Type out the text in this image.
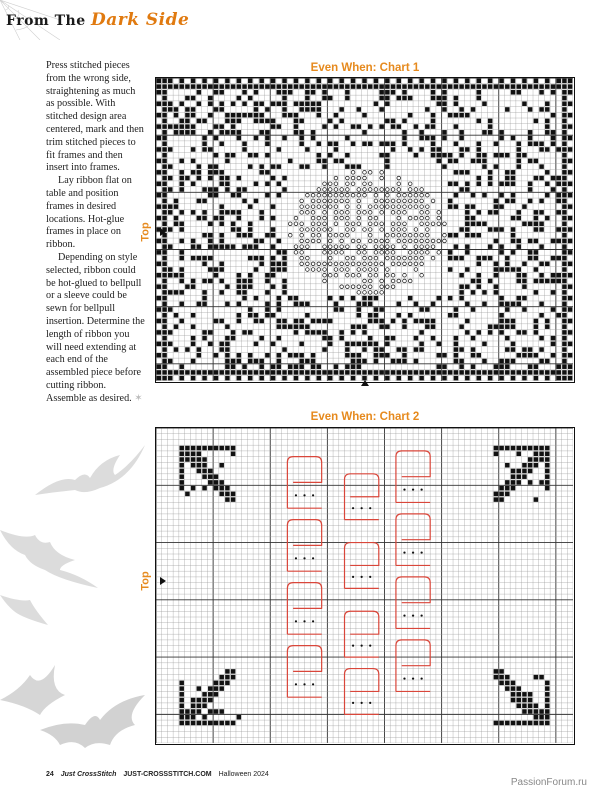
From The Dark Side

Press stitched pieces from the wrong side, straightening as much as possible. With stitched design area centered, mark and then trim stitched pieces to fit frames and then insert into frames.

Lay ribbon flat on table and position frames in desired locations. Hot-glue frames in place on ribbon.

Depending on style selected, ribbon could be hot-glued to bellpull or a sleeve could be sewn for bellpull insertion. Determine the length of ribbon you will need extending at each end of the assembled piece before cutting ribbon. Assemble as desired. ✶

Even When: Chart 1
Top
Even When: Chart 2
Top
24 Just CrossStitch JUST-CROSSSTITCH.COM Halloween 2024
PassionForum.ru
